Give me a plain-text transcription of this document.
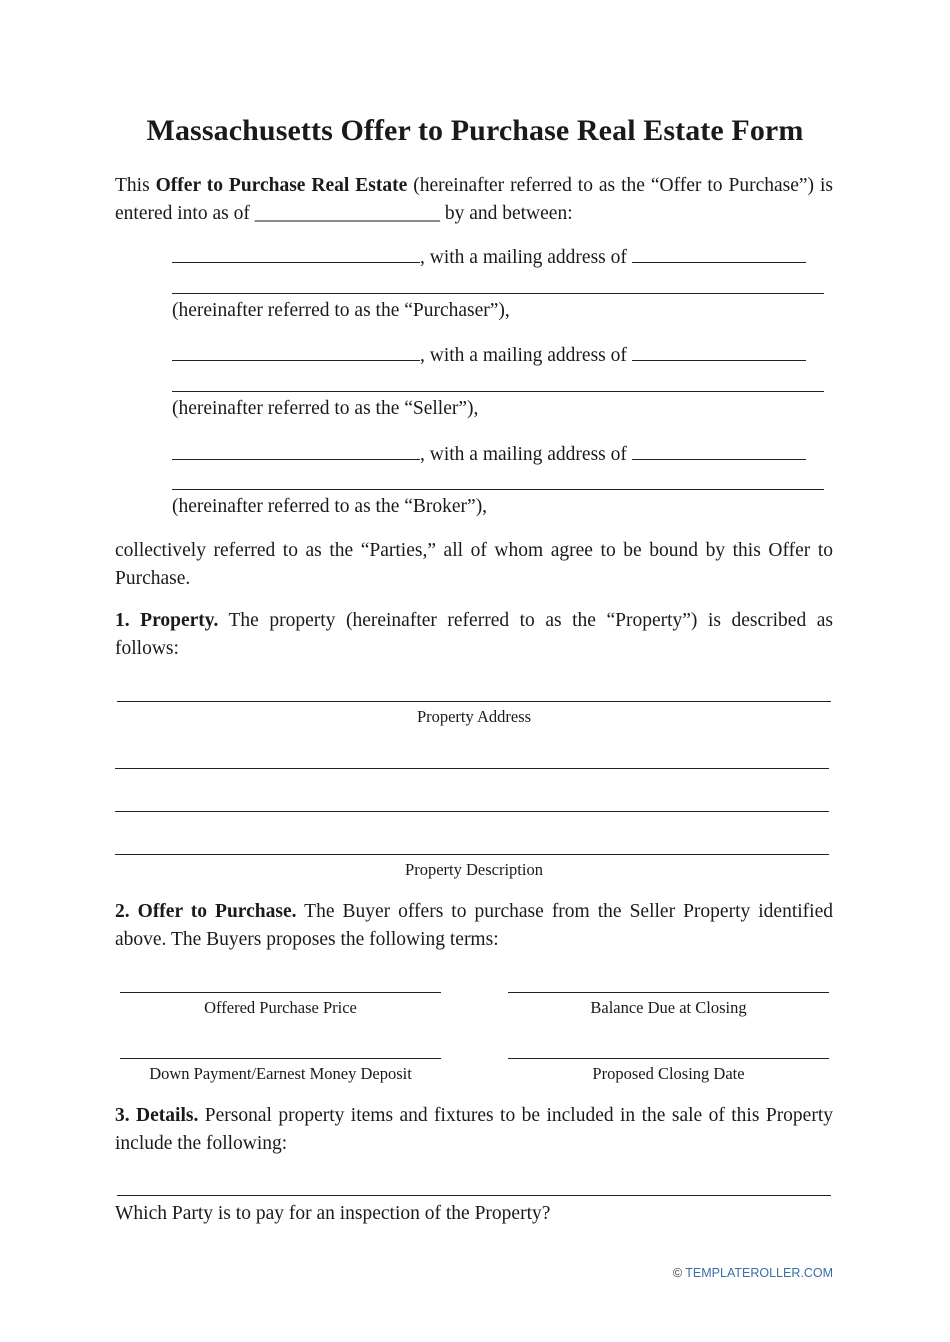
Massachusetts Offer to Purchase Real Estate Form
This Offer to Purchase Real Estate (hereinafter referred to as the “Offer to Purchase”) is entered into as of ___________________ by and between:
, with a mailing address of
(hereinafter referred to as the “Purchaser”),
, with a mailing address of
(hereinafter referred to as the “Seller”),
, with a mailing address of
(hereinafter referred to as the “Broker”),
collectively referred to as the “Parties,” all of whom agree to be bound by this Offer to Purchase.
1. Property. The property (hereinafter referred to as the “Property”) is described as follows:
Property Address
Property Description
2. Offer to Purchase. The Buyer offers to purchase from the Seller Property identified above. The Buyers proposes the following terms:
Offered Purchase Price	Balance Due at Closing
Down Payment/Earnest Money Deposit	Proposed Closing Date
3. Details. Personal property items and fixtures to be included in the sale of this Property include the following:
Which Party is to pay for an inspection of the Property?
© TEMPLATEROLLER.COM
